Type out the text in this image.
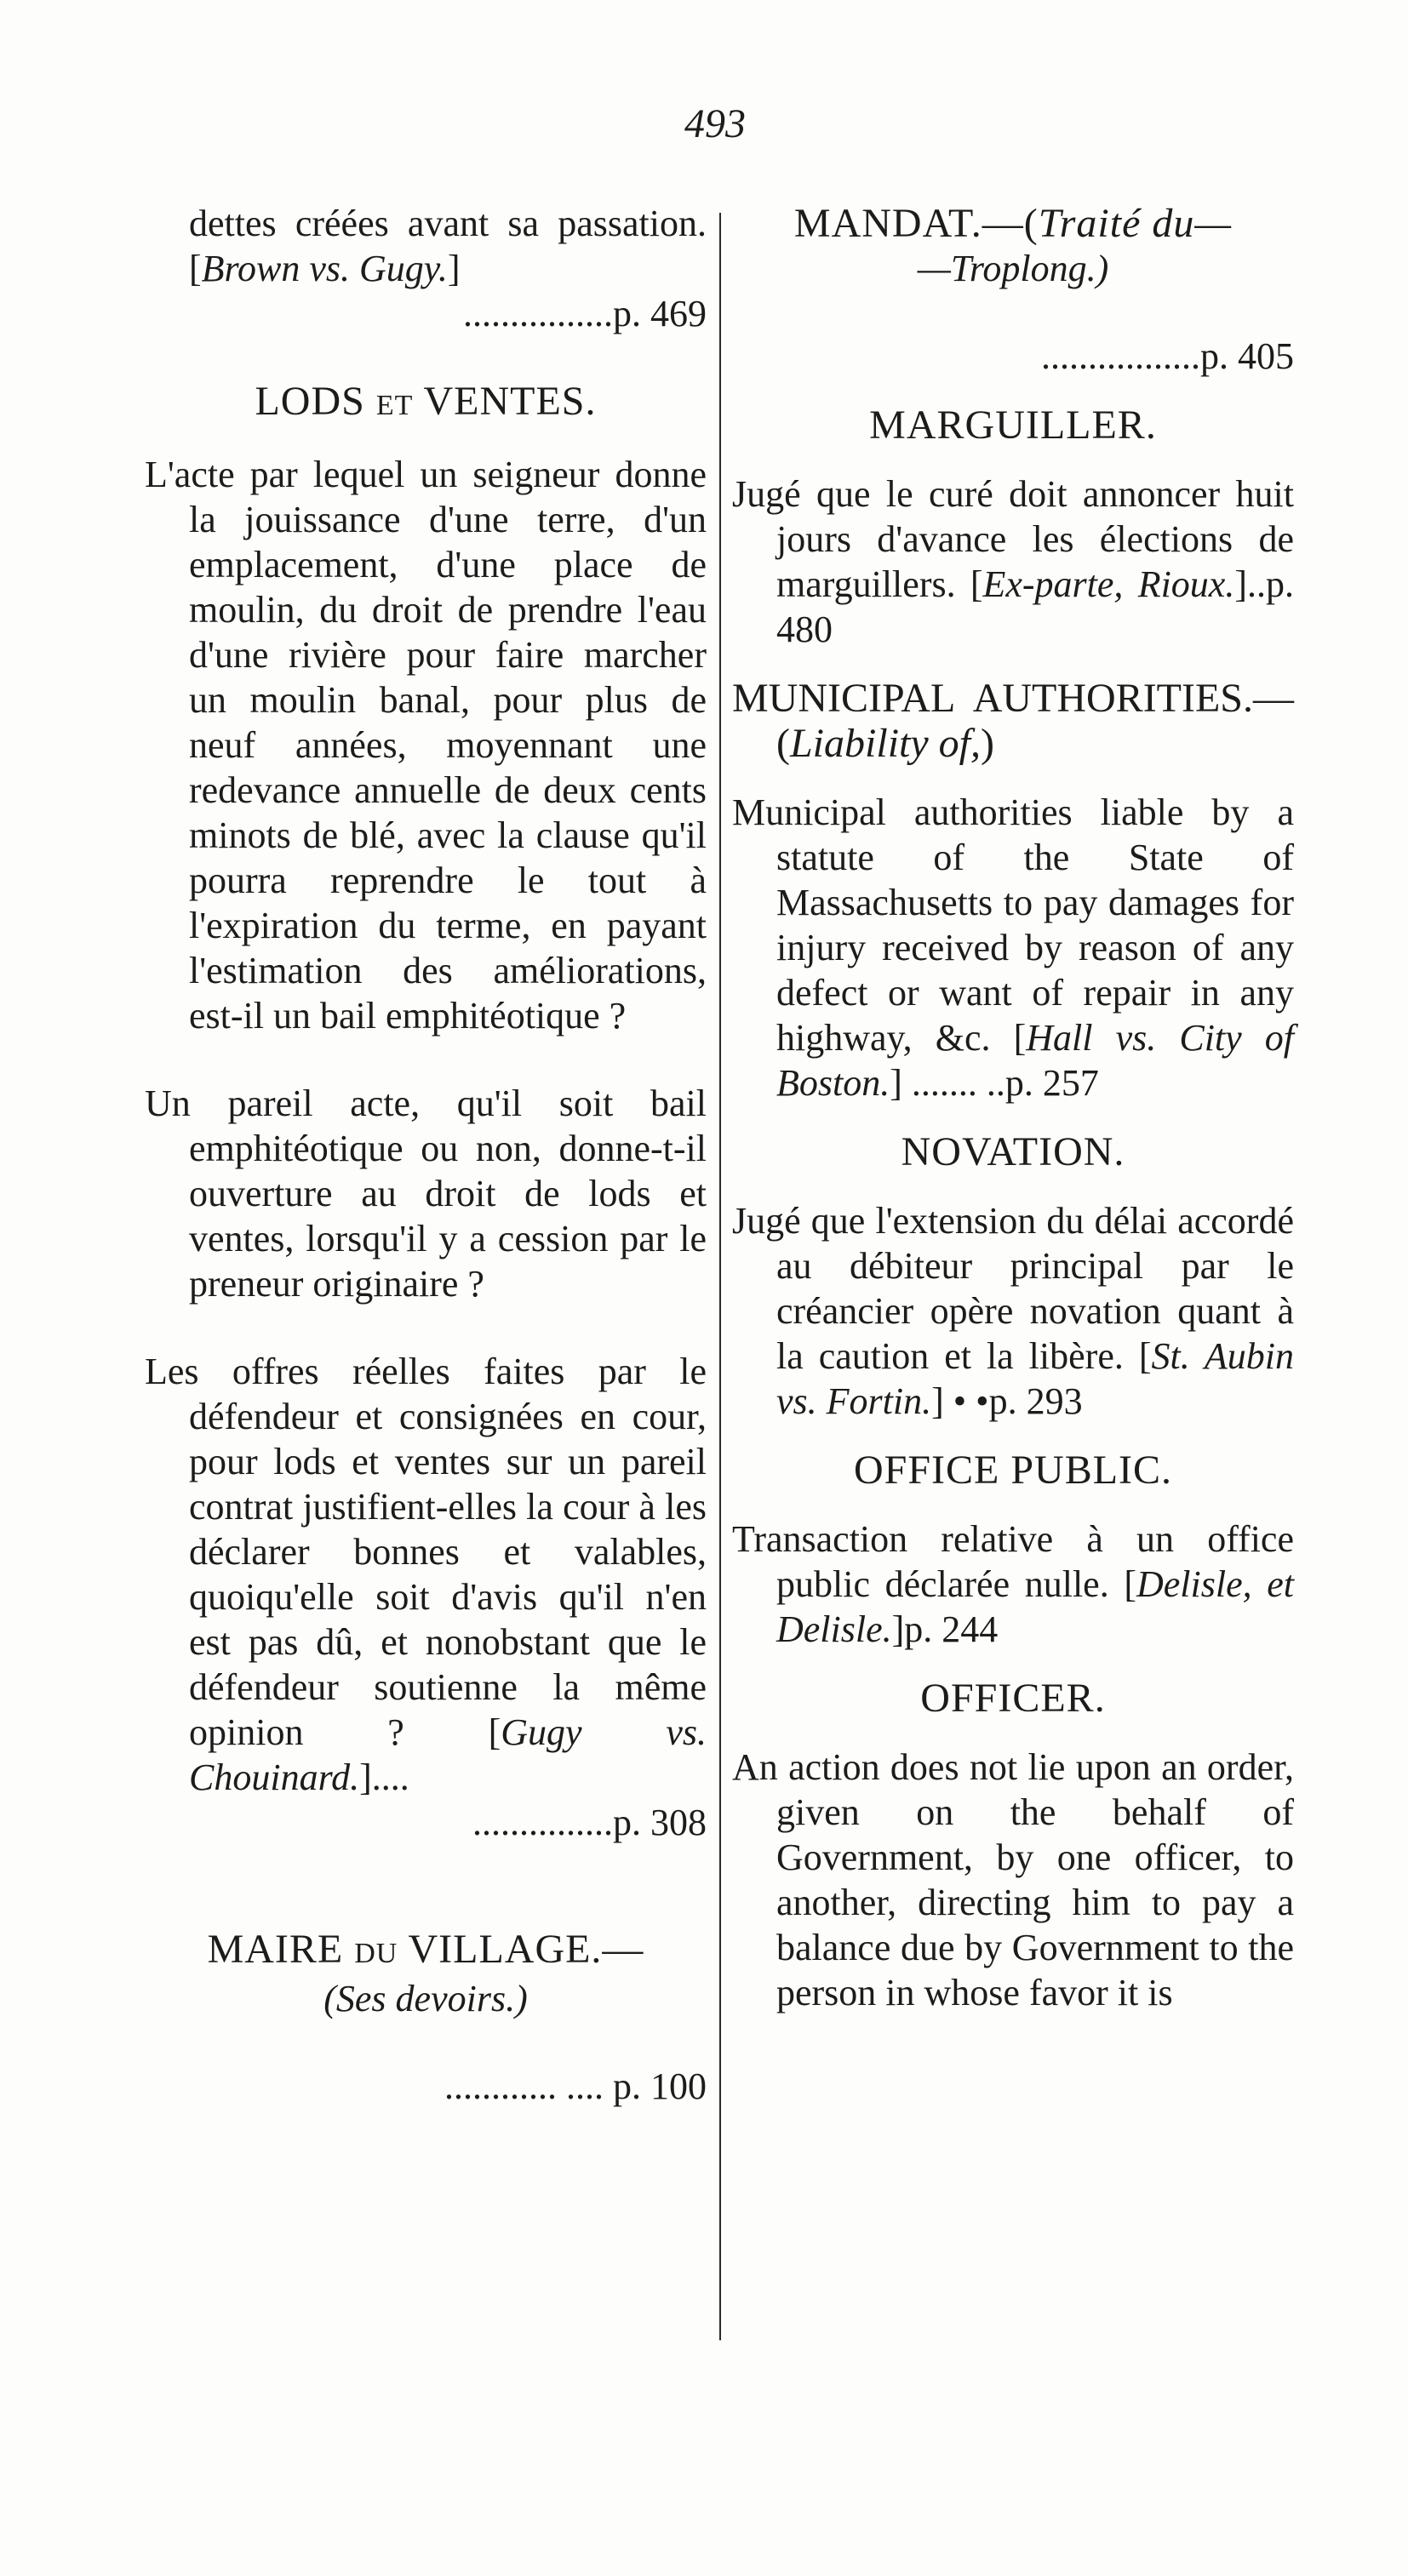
493

dettes créées avant sa passation. [Brown vs. Gugy.]

................p. 469

LODS ET VENTES.

L'acte par lequel un seigneur donne la jouissance d'une terre, d'un emplacement, d'une place de moulin, du droit de prendre l'eau d'une rivière pour faire marcher un moulin banal, pour plus de neuf années, moyennant une redevance annuelle de deux cents minots de blé, avec la clause qu'il pourra reprendre le tout à l'expiration du terme, en payant l'estimation des améliorations, est-il un bail emphitéotique ?

Un pareil acte, qu'il soit bail emphitéotique ou non, donne-t-il ouverture au droit de lods et ventes, lorsqu'il y a cession par le preneur originaire ?

Les offres réelles faites par le défendeur et consignées en cour, pour lods et ventes sur un pareil contrat justifient-elles la cour à les déclarer bonnes et valables, quoiqu'elle soit d'avis qu'il n'en est pas dû, et nonobstant que le défendeur soutienne la même opinion ? [Gugy vs. Chouinard.]....

...............p. 308

MAIRE DU VILLAGE.—

(Ses devoirs.)

............ .... p. 100

MANDAT.—(Traité du—

—Troplong.)

.................p. 405

MARGUILLER.

Jugé que le curé doit annoncer huit jours d'avance les élections de marguillers. [Ex-parte, Rioux.]..p. 480

MUNICIPAL AUTHORITIES.—(Liability of,)

Municipal authorities liable by a statute of the State of Massachusetts to pay damages for injury received by reason of any defect or want of repair in any highway, &c. [Hall vs. City of Boston.] ....... ..p. 257

NOVATION.

Jugé que l'extension du délai accordé au débiteur principal par le créancier opère novation quant à la caution et la libère. [St. Aubin vs. Fortin.] • •p. 293

OFFICE PUBLIC.

Transaction relative à un office public déclarée nulle. [Delisle, et Delisle.]p. 244

OFFICER.

An action does not lie upon an order, given on the behalf of Government, by one officer, to another, directing him to pay a balance due by Government to the person in whose favor it is
